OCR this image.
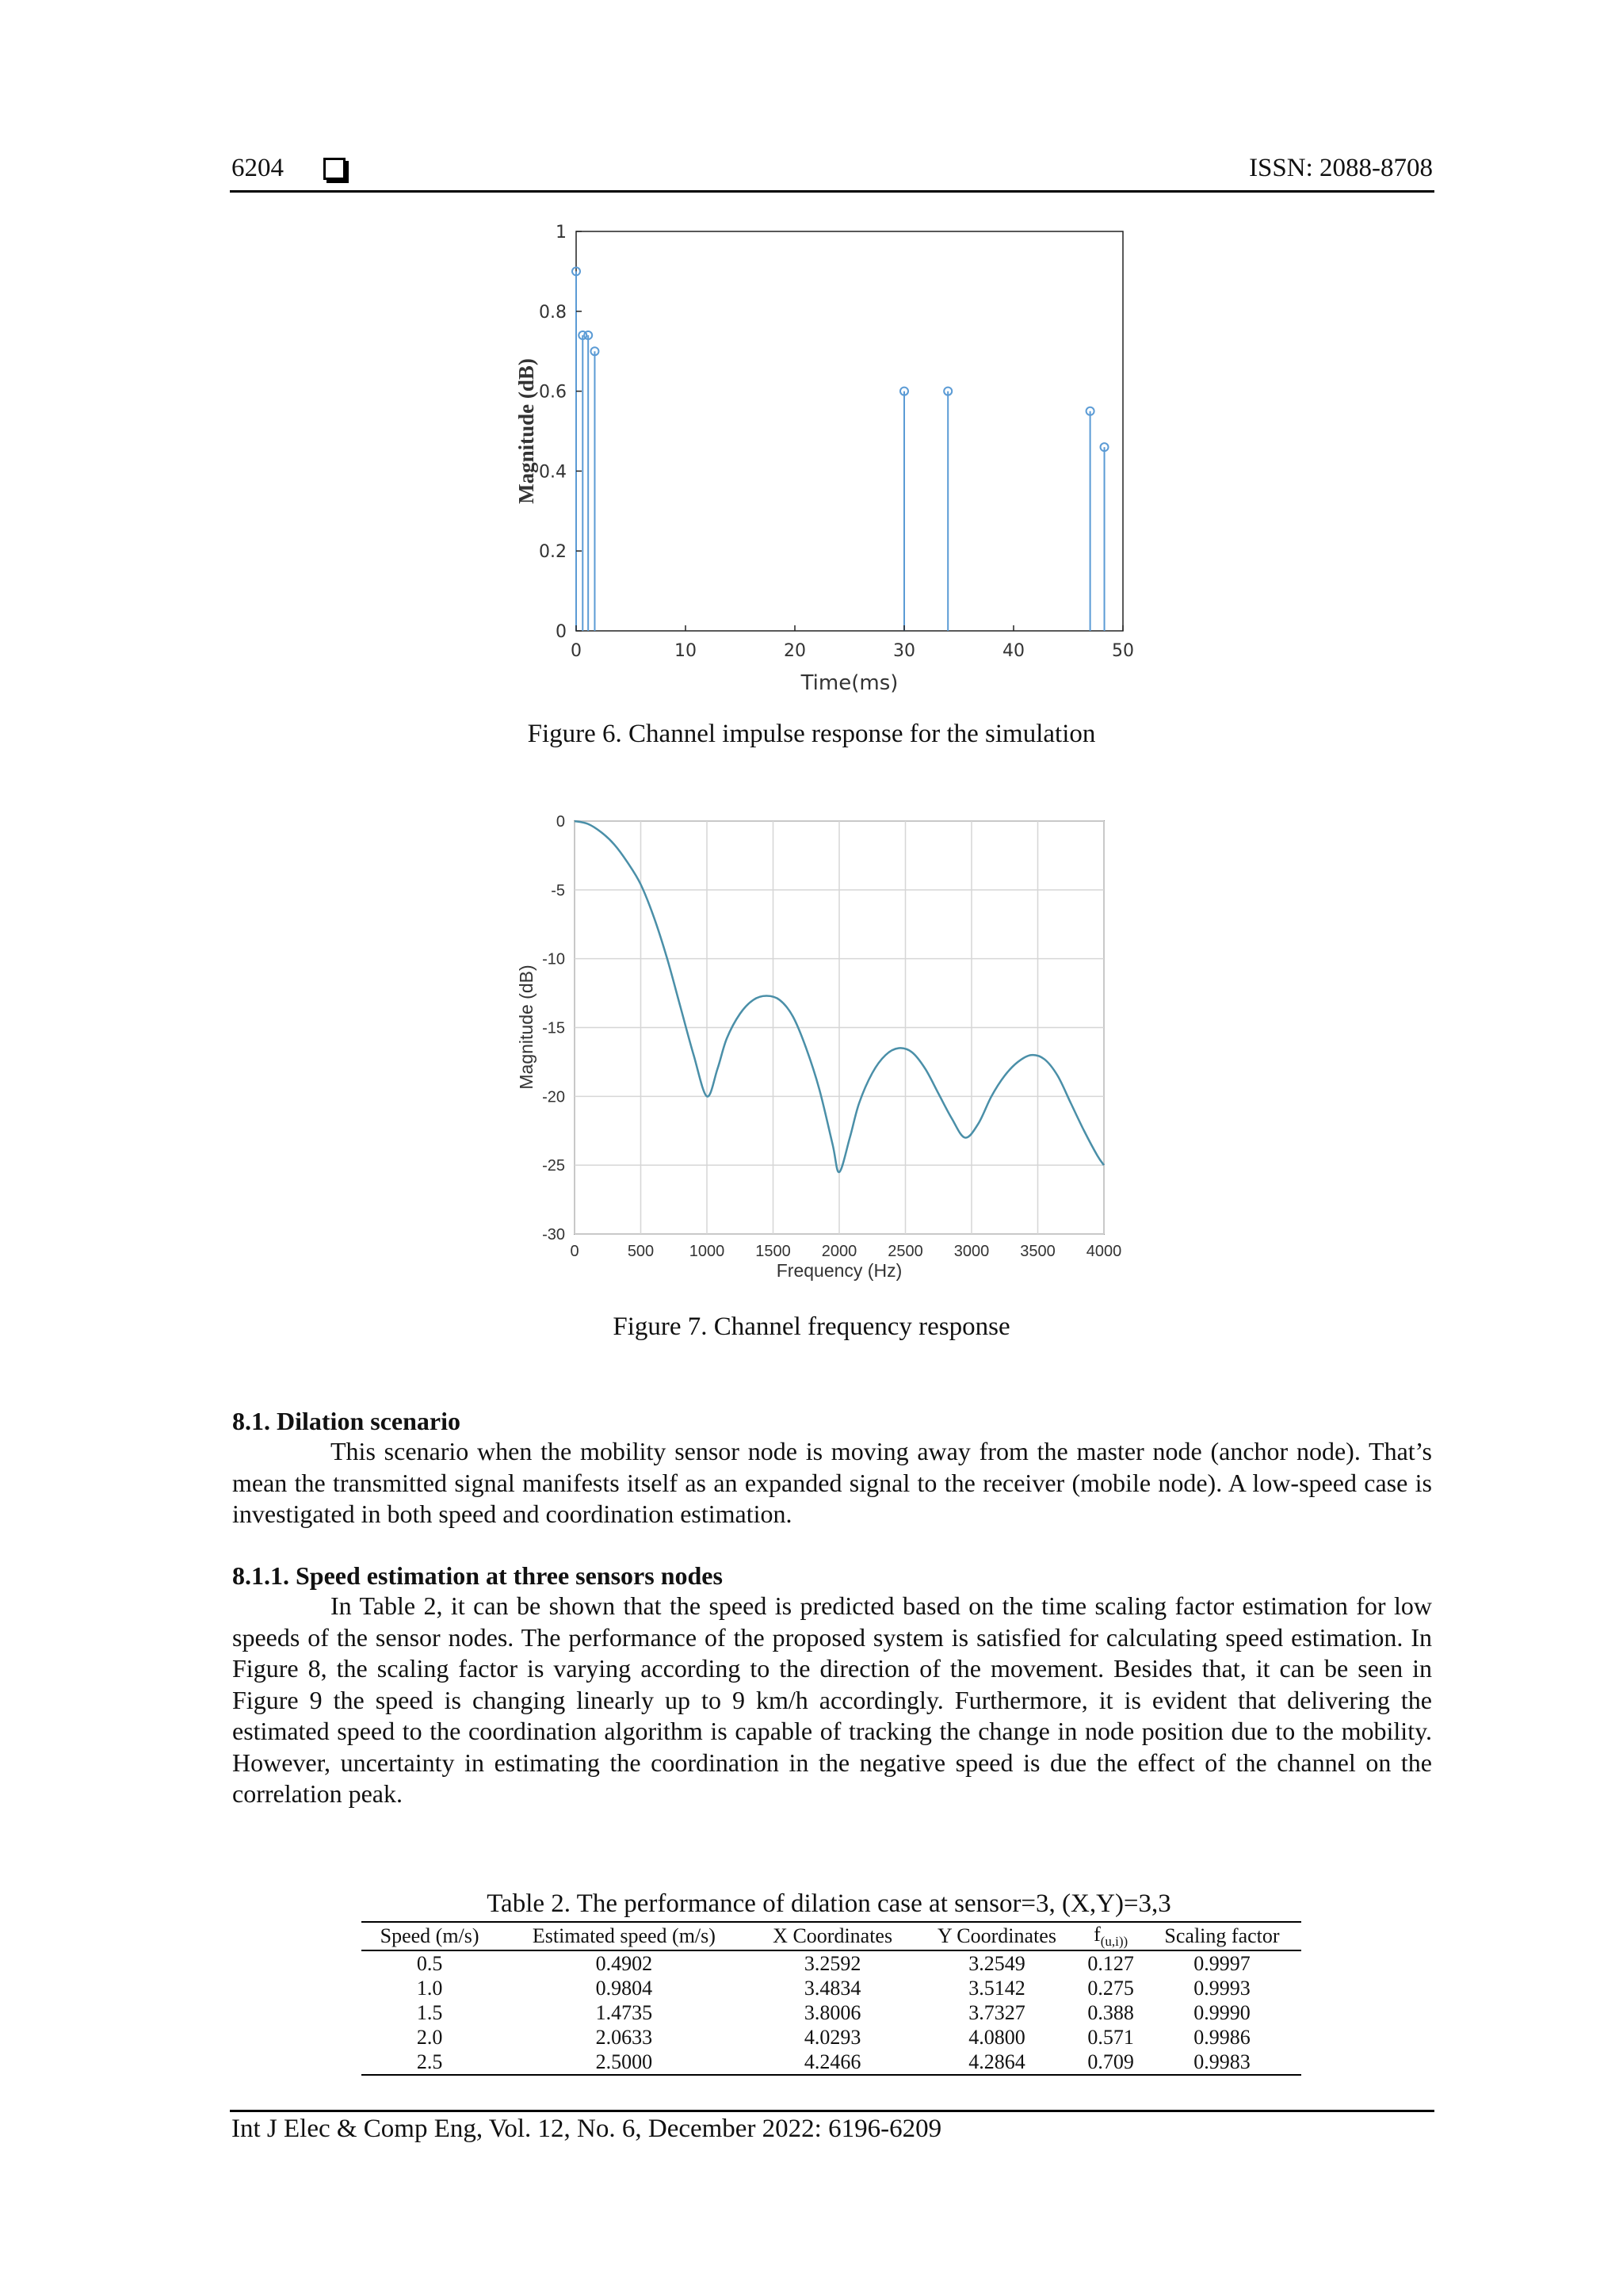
6204	ISSN: 2088-8708
0	10	20	30	40	50
0
0.2
0.4
0.6
0.8
1
Time(ms)
Magnitude (dB)
Figure 6. Channel impulse response for the simulation
0	500 1000 1500 2000 2500 3000 3500 4000
0
-5
-10
-15
-20
-25
-30
Frequency (Hz)
Magnitude (dB)
Figure 7. Channel frequency response
8.1. Dilation scenario

This scenario when the mobility sensor node is moving away from the master node (anchor node). That’s mean the transmitted signal manifests itself as an expanded signal to the receiver (mobile node). A low-speed case is investigated in both speed and coordination estimation.

8.1.1. Speed estimation at three sensors nodes

In Table 2, it can be shown that the speed is predicted based on the time scaling factor estimation for low speeds of the sensor nodes. The performance of the proposed system is satisfied for calculating speed estimation. In Figure 8, the scaling factor is varying according to the direction of the movement. Besides that, it can be seen in Figure 9 the speed is changing linearly up to 9 km/h accordingly. Furthermore, it is evident that delivering the estimated speed to the coordination algorithm is capable of tracking the change in node position due to the mobility. However, uncertainty in estimating the coordination in the negative speed is due the effect of the channel on the correlation peak.

Table 2. The performance of dilation case at sensor=3, (X,Y)=3,3
Speed (m/s)	Estimated speed (m/s)	X Coordinates	Y Coordinates	$f_{(u,i))}$	Scaling factor
0.5	0.4902	3.2592	3.2549	0.127	0.9997
1.0	0.9804	3.4834	3.5142	0.275	0.9993
1.5	1.4735	3.8006	3.7327	0.388	0.9990
2.0	2.0633	4.0293	4.0800	0.571	0.9986
2.5	2.5000	4.2466	4.2864	0.709	0.9983
Int J Elec & Comp Eng, Vol. 12, No. 6, December 2022: 6196-6209
